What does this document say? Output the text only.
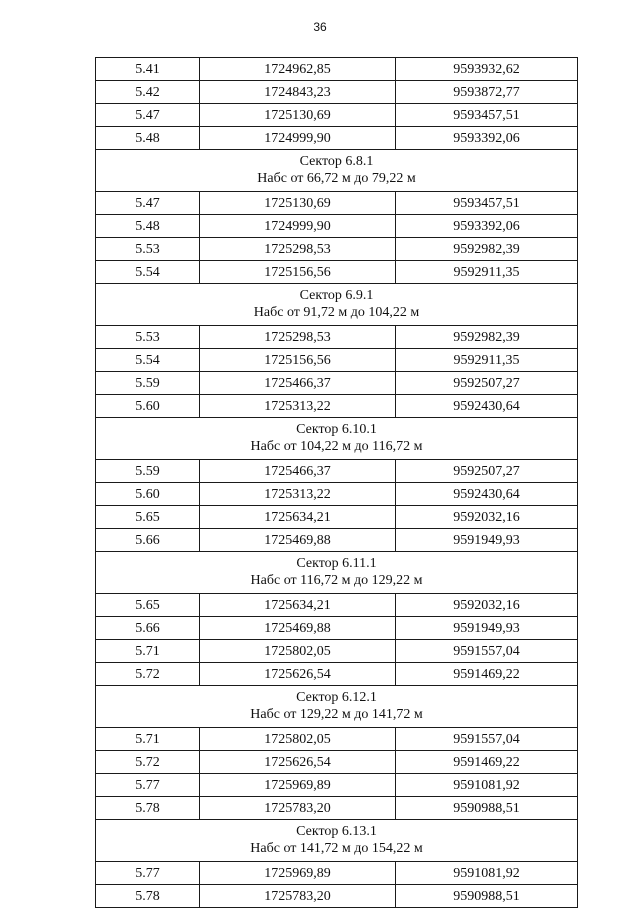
36
5.41	1724962,85	9593932,62
5.42	1724843,23	9593872,77
5.47	1725130,69	9593457,51
5.48	1724999,90	9593392,06

Сектор 6.8.1
Набс от 66,72 м до 79,22 м		

5.47	1725130,69	9593457,51
5.48	1724999,90	9593392,06
5.53	1725298,53	9592982,39
5.54	1725156,56	9592911,35

Сектор 6.9.1
Набс от 91,72 м до 104,22 м		

5.53	1725298,53	9592982,39
5.54	1725156,56	9592911,35
5.59	1725466,37	9592507,27
5.60	1725313,22	9592430,64

Сектор 6.10.1
Набс от 104,22 м до 116,72 м		

5.59	1725466,37	9592507,27
5.60	1725313,22	9592430,64
5.65	1725634,21	9592032,16
5.66	1725469,88	9591949,93

Сектор 6.11.1
Набс от 116,72 м до 129,22 м		

5.65	1725634,21	9592032,16
5.66	1725469,88	9591949,93
5.71	1725802,05	9591557,04
5.72	1725626,54	9591469,22

Сектор 6.12.1
Набс от 129,22 м до 141,72 м		

5.71	1725802,05	9591557,04
5.72	1725626,54	9591469,22
5.77	1725969,89	9591081,92
5.78	1725783,20	9590988,51

Сектор 6.13.1
Набс от 141,72 м до 154,22 м		

5.77	1725969,89	9591081,92
5.78	1725783,20	9590988,51
